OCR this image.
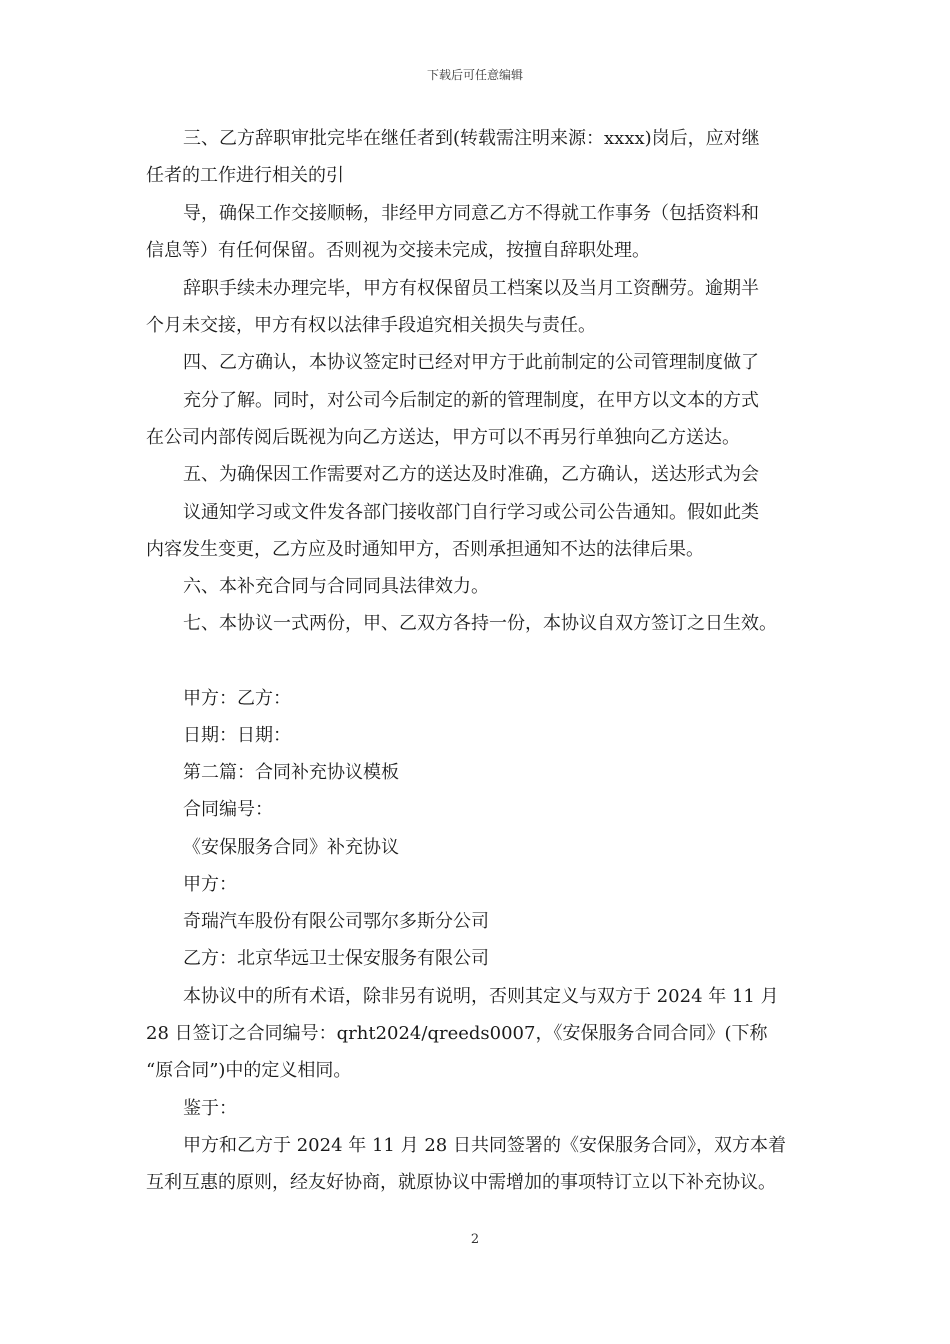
下载后可任意编辑
三、乙方辞职审批完毕在继任者到(转载需注明来源：xxxx)岗后，应对继
任者的工作进行相关的引
导，确保工作交接顺畅，非经甲方同意乙方不得就工作事务（包括资料和
信息等）有任何保留。否则视为交接未完成，按擅自辞职处理。
辞职手续未办理完毕，甲方有权保留员工档案以及当月工资酬劳。逾期半
个月未交接，甲方有权以法律手段追究相关损失与责任。
四、乙方确认，本协议签定时已经对甲方于此前制定的公司管理制度做了
充分了解。同时，对公司今后制定的新的管理制度，在甲方以文本的方式
在公司内部传阅后既视为向乙方送达，甲方可以不再另行单独向乙方送达。
五、为确保因工作需要对乙方的送达及时准确，乙方确认，送达形式为会
议通知学习或文件发各部门接收部门自行学习或公司公告通知。假如此类
内容发生变更，乙方应及时通知甲方，否则承担通知不达的法律后果。
六、本补充合同与合同同具法律效力。
七、本协议一式两份，甲、乙双方各持一份，本协议自双方签订之日生效。
甲方：乙方：
日期：日期：
第二篇：合同补充协议模板
合同编号：
《安保服务合同》补充协议
甲方：
奇瑞汽车股份有限公司鄂尔多斯分公司
乙方：北京华远卫士保安服务有限公司
本协议中的所有术语，除非另有说明，否则其定义与双方于 2024 年 11 月
28 日签订之合同编号：qrht2024/qreeds0007，《安保服务合同合同》(下称
“原合同”)中的定义相同。
鉴于：
甲方和乙方于 2024 年 11 月 28 日共同签署的《安保服务合同》，双方本着
互利互惠的原则，经友好协商，就原协议中需增加的事项特订立以下补充协议。
2
